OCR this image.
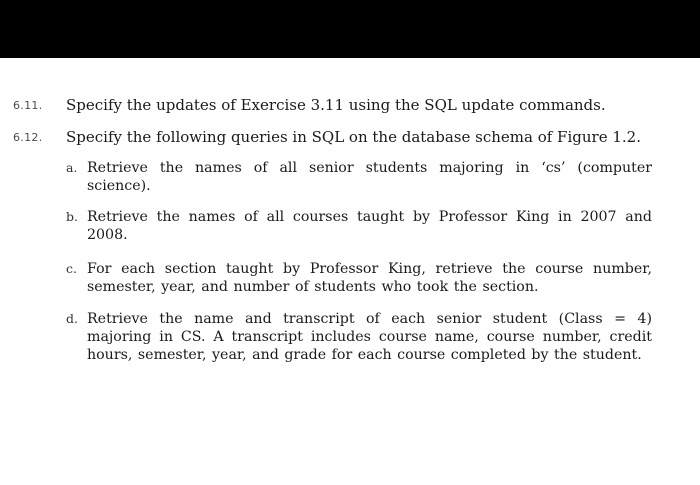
6.11. Specify the updates of Exercise 3.11 using the SQL update commands.
6.12. Specify the following queries in SQL on the database schema of Figure 1.2.
a. Retrieve the names of all senior students majoring in ‘cs’ (computer science).
b. Retrieve the names of all courses taught by Professor King in 2007 and 2008.
c. For each section taught by Professor King, retrieve the course number, semester, year, and number of students who took the section.
d. Retrieve the name and transcript of each senior student (Class = 4) majoring in CS. A transcript includes course name, course number, credit hours, semester, year, and grade for each course completed by the student.
